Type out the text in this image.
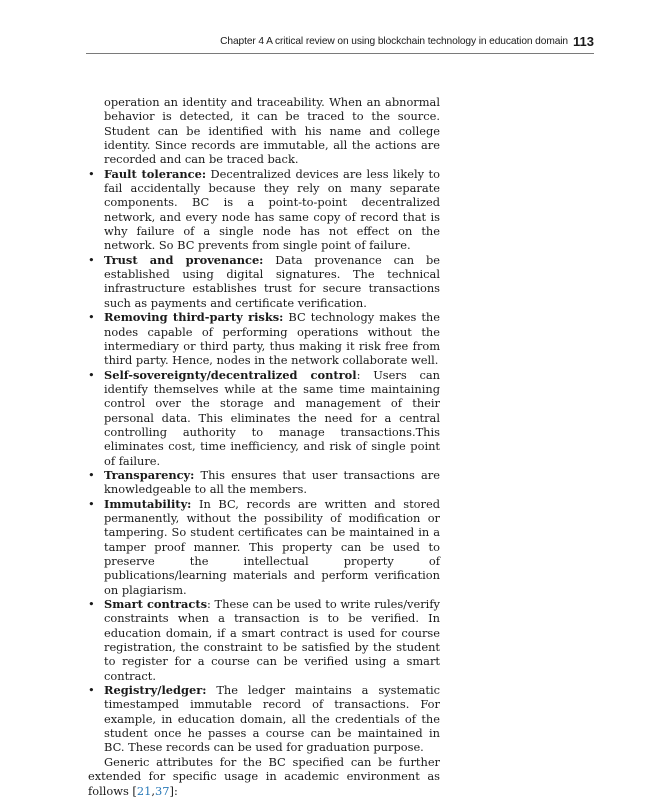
Chapter 4 A critical review on using blockchain technology in education domain 113

operation an identity and traceability. When an abnormal behavior is detected, it can be traced to the source. Student can be identified with his name and college identity. Since records are immutable, all the actions are recorded and can be traced back.

• Fault tolerance: Decentralized devices are less likely to fail accidentally because they rely on many separate components. BC is a point-to-point decentralized network, and every node has same copy of record that is why failure of a single node has not effect on the network. So BC prevents from single point of failure.
• Trust and provenance: Data provenance can be established using digital signatures. The technical infrastructure establishes trust for secure transactions such as payments and certificate verification.
• Removing third-party risks: BC technology makes the nodes capable of performing operations without the intermediary or third party, thus making it risk free from third party. Hence, nodes in the network collaborate well.
• Self-sovereignty/decentralized control: Users can identify themselves while at the same time maintaining control over the storage and management of their personal data. This eliminates the need for a central controlling authority to manage transactions.This eliminates cost, time inefficiency, and risk of single point of failure.
• Transparency: This ensures that user transactions are knowledgeable to all the members.
• Immutability: In BC, records are written and stored permanently, without the possibility of modification or tampering. So student certificates can be maintained in a tamper proof manner. This property can be used to preserve the intellectual property of publications/learning materials and perform verification on plagiarism.
• Smart contracts: These can be used to write rules/verify constraints when a transaction is to be verified. In education domain, if a smart contract is used for course registration, the constraint to be satisfied by the student to register for a course can be verified using a smart contract.
• Registry/ledger: The ledger maintains a systematic timestamped immutable record of transactions. For example, in education domain, all the credentials of the student once he passes a course can be maintained in BC. These records can be used for graduation purpose.

Generic attributes for the BC specified can be further extended for specific usage in academic environment as follows [21,37]:
